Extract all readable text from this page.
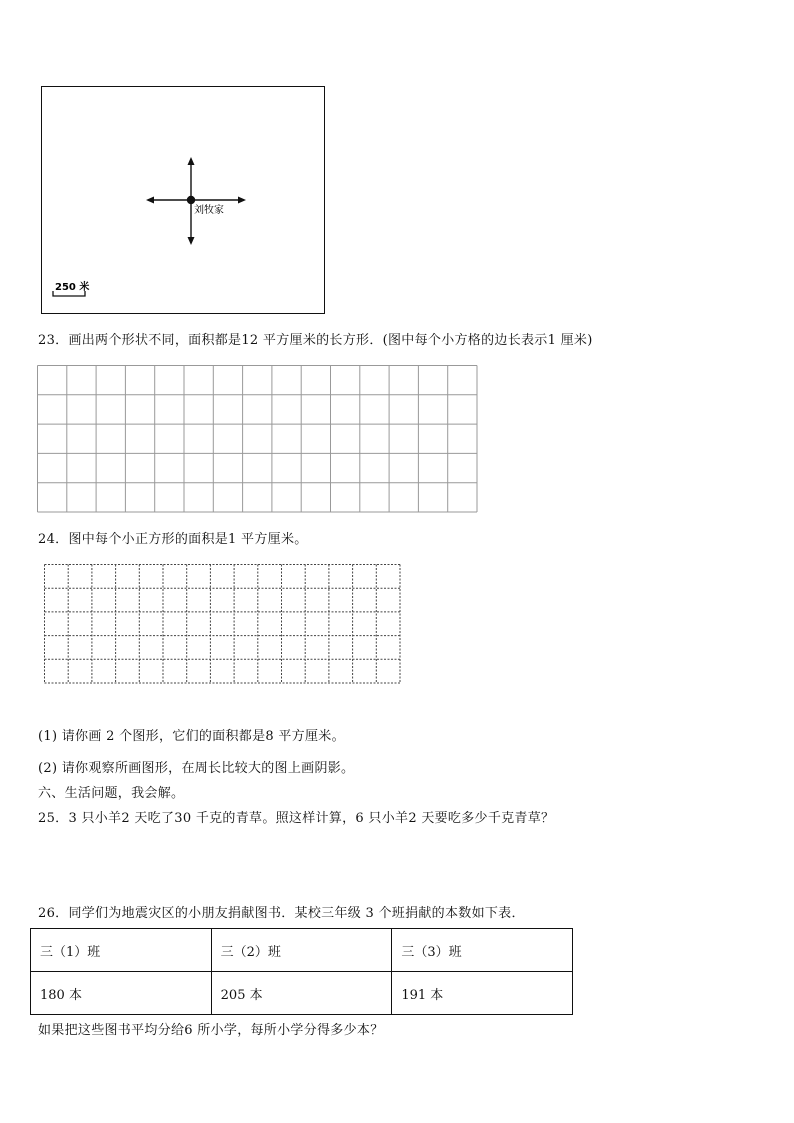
刘牧家
250 米
23．画出两个形状不同，面积都是12 平方厘米的长方形．(图中每个小方格的边长表示1 厘米)
24．图中每个小正方形的面积是1 平方厘米。
(1) 请你画 2 个图形，它们的面积都是8 平方厘米。
(2) 请你观察所画图形，在周长比较大的图上画阴影。
六、生活问题，我会解。
25．3 只小羊2 天吃了30 千克的青草。照这样计算，6 只小羊2 天要吃多少千克青草？
26．同学们为地震灾区的小朋友捐献图书．某校三年级 3 个班捐献的本数如下表．
三（1）班	三（2）班	三（3）班
180 本	205 本	191 本
如果把这些图书平均分给6 所小学，每所小学分得多少本？
